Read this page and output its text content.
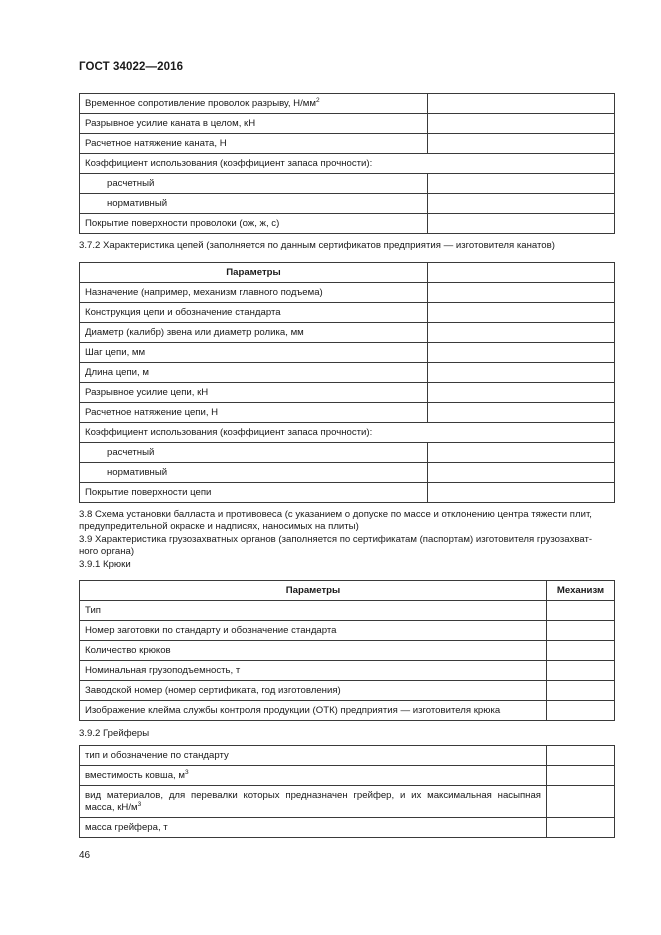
ГОСТ 34022—2016
Временное сопротивление проволок разрыву, $Н/мм^2$	
Разрывное усилие каната в целом, кН	
Расчетное натяжение каната, Н	
Коэффициент использования (коэффициент запаса прочности):	
расчетный	
нормативный	
Покрытие поверхности проволоки (ож, ж, с)	
3.7.2 Характеристика цепей (заполняется по данным сертификатов предприятия — изготовителя канатов)
Параметры	
Назначение (например, механизм главного подъема)	
Конструкция цепи и обозначение стандарта	
Диаметр (калибр) звена или диаметр ролика, мм	
Шаг цепи, мм	
Длина цепи, м	
Разрывное усилие цепи, кН	
Расчетное натяжение цепи, Н	
Коэффициент использования (коэффициент запаса прочности):	
расчетный	
нормативный	
Покрытие поверхности цепи	
3.8 Схема установки балласта и противовеса (с указанием о допуске по массе и отклонению центра тяжести плит,
предупредительной окраске и надписях, наносимых на плиты)
3.9 Характеристика грузозахватных органов (заполняется по сертификатам (паспортам) изготовителя грузозахват-
ного органа)
3.9.1 Крюки
Параметры	Механизм
Тип	
Номер заготовки по стандарту и обозначение стандарта	
Количество крюков	
Номинальная грузоподъемность, т	
Заводской номер (номер сертификата, год изготовления)	
Изображение клейма службы контроля продукции (ОТК) предприятия — изготовителя крюка	
3.9.2 Грейферы
тип и обозначение по стандарту	
вместимость ковша, $м^3$	
вид материалов, для перевалки которых предназначен грейфер, и их максимальная насыпная масса, $кН/м^3$	
масса грейфера, т	
46
